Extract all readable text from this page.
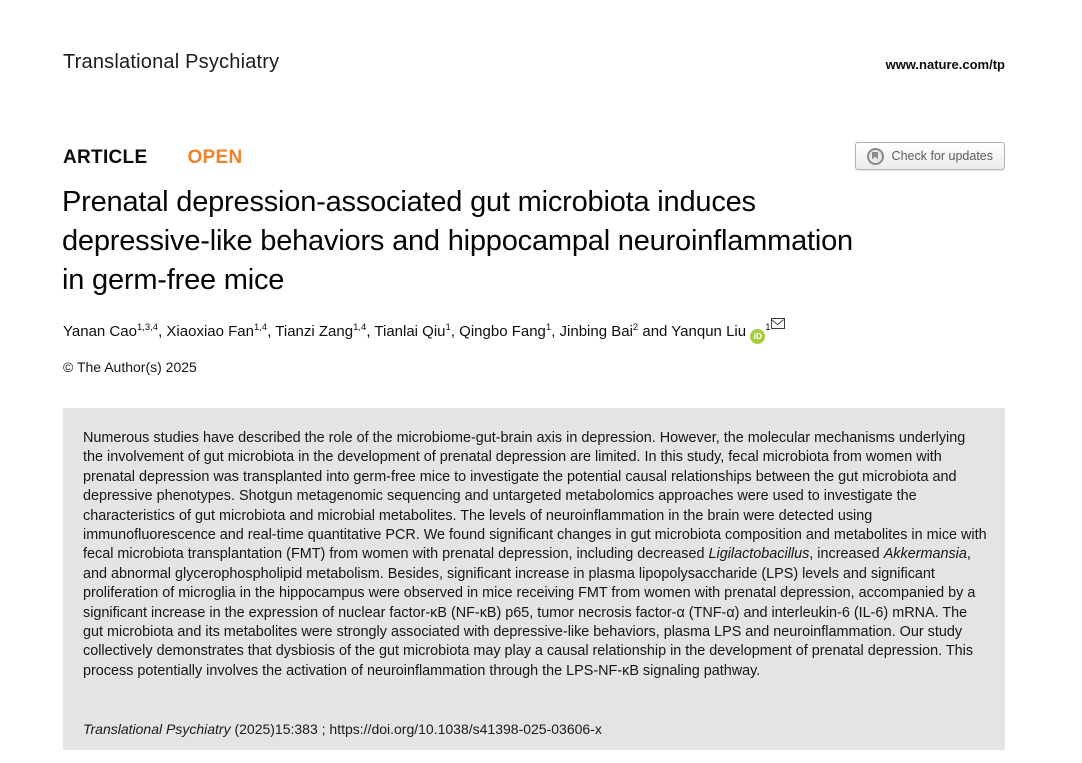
Translational Psychiatry	www.nature.com/tp
ARTICLE OPEN	Check for updates
Prenatal depression-associated gut microbiota induces
depressive-like behaviors and hippocampal neuroinflammation
in germ-free mice
Yanan Cao$^{1,3,4}$, Xiaoxiao Fan$^{1,4}$, Tianzi Zang$^{1,4}$, Tianlai Qiu$^1$, Qingbo Fang$^1$, Jinbing Bai$^2$ and Yanqun Liu $iD^1$
© The Author(s) 2025
Numerous studies have described the role of the microbiome-gut-brain axis in depression. However, the molecular mechanisms underlying the involvement of gut microbiota in the development of prenatal depression are limited. In this study, fecal microbiota from women with prenatal depression was transplanted into germ-free mice to investigate the potential causal relationships between the gut microbiota and depressive phenotypes. Shotgun metagenomic sequencing and untargeted metabolomics approaches were used to investigate the characteristics of gut microbiota and microbial metabolites. The levels of neuroinflammation in the brain were detected using immunofluorescence and real-time quantitative PCR. We found significant changes in gut microbiota composition and metabolites in mice with fecal microbiota transplantation (FMT) from women with prenatal depression, including decreased Ligilactobacillus, increased Akkermansia, and abnormal glycerophospholipid metabolism. Besides, significant increase in plasma lipopolysaccharide (LPS) levels and significant proliferation of microglia in the hippocampus were observed in mice receiving FMT from women with prenatal depression, accompanied by a significant increase in the expression of nuclear factor-κB (NF-κB) p65, tumor necrosis factor-α (TNF-α) and interleukin-6 (IL-6) mRNA. The gut microbiota and its metabolites were strongly associated with depressive-like behaviors, plasma LPS and neuroinflammation. Our study collectively demonstrates that dysbiosis of the gut microbiota may play a causal relationship in the development of prenatal depression. This process potentially involves the activation of neuroinflammation through the LPS-NF-κB signaling pathway.
Translational Psychiatry (2025)15:383 ; https://doi.org/10.1038/s41398-025-03606-x
